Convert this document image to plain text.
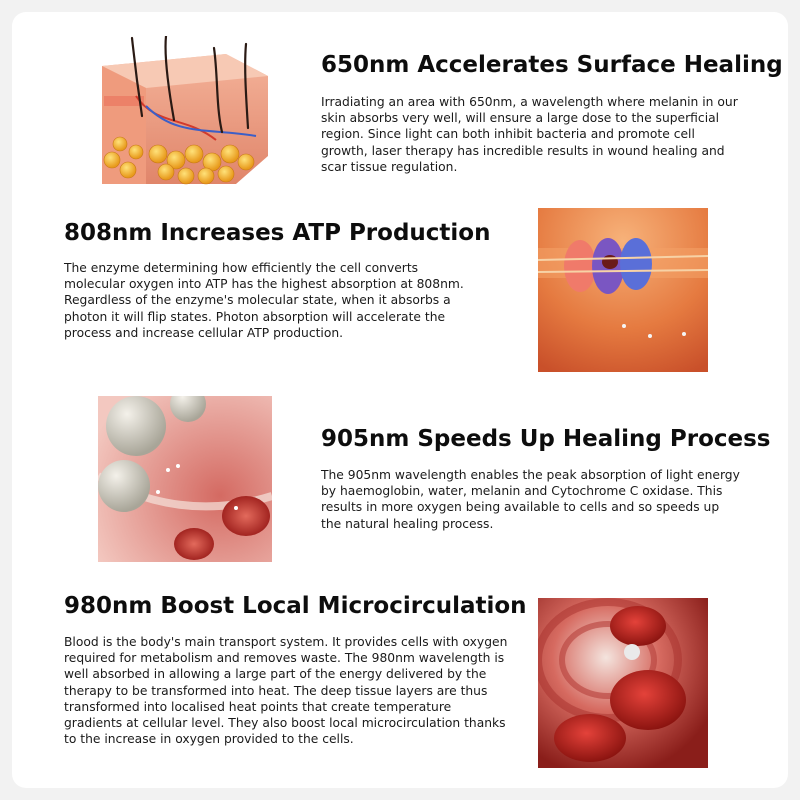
650nm Accelerates Surface Healing

Irradiating an area with 650nm, a wavelength where melanin in our skin absorbs very well, will ensure a large dose to the superficial region. Since light can both inhibit bacteria and promote cell growth, laser therapy has incredible results in wound healing and scar tissue regulation.

808nm Increases ATP Production

The enzyme determining how efficiently the cell converts molecular oxygen into ATP has the highest absorption at 808nm. Regardless of the enzyme's molecular state, when it absorbs a photon it will flip states. Photon absorption will accelerate the process and increase cellular ATP production.

905nm Speeds Up Healing Process

The 905nm wavelength enables the peak absorption of light energy by haemoglobin, water, melanin and Cytochrome C oxidase. This results in more oxygen being available to cells and so speeds up the natural healing process.

980nm Boost Local Microcirculation

Blood is the body's main transport system. It provides cells with oxygen required for metabolism and removes waste. The 980nm wavelength is well absorbed in allowing a large part of the energy delivered by the therapy to be transformed into heat. The deep tissue layers are thus transformed into localised heat points that create temperature gradients at cellular level. They also boost local microcirculation thanks to the increase in oxygen provided to the cells.
